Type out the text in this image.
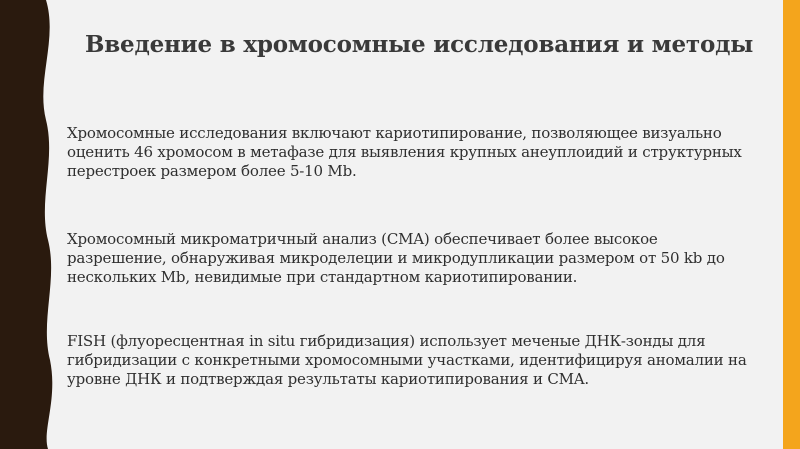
Введение в хромосомные исследования и методы

Хромосомные исследования включают кариотипирование, позволяющее визуально оценить 46 хромосом в метафазе для выявления крупных анеуплоидий и структурных перестроек размером более 5-10 Mb.

Хромосомный микроматричный анализ (CMA) обеспечивает более высокое разрешение, обнаруживая микроделеции и микродупликации размером от 50 kb до нескольких Mb, невидимые при стандартном кариотипировании.

FISH (флуоресцентная in situ гибридизация) использует меченые ДНК-зонды для гибридизации с конкретными хромосомными участками, идентифицируя аномалии на уровне ДНК и подтверждая результаты кариотипирования и CMA.
